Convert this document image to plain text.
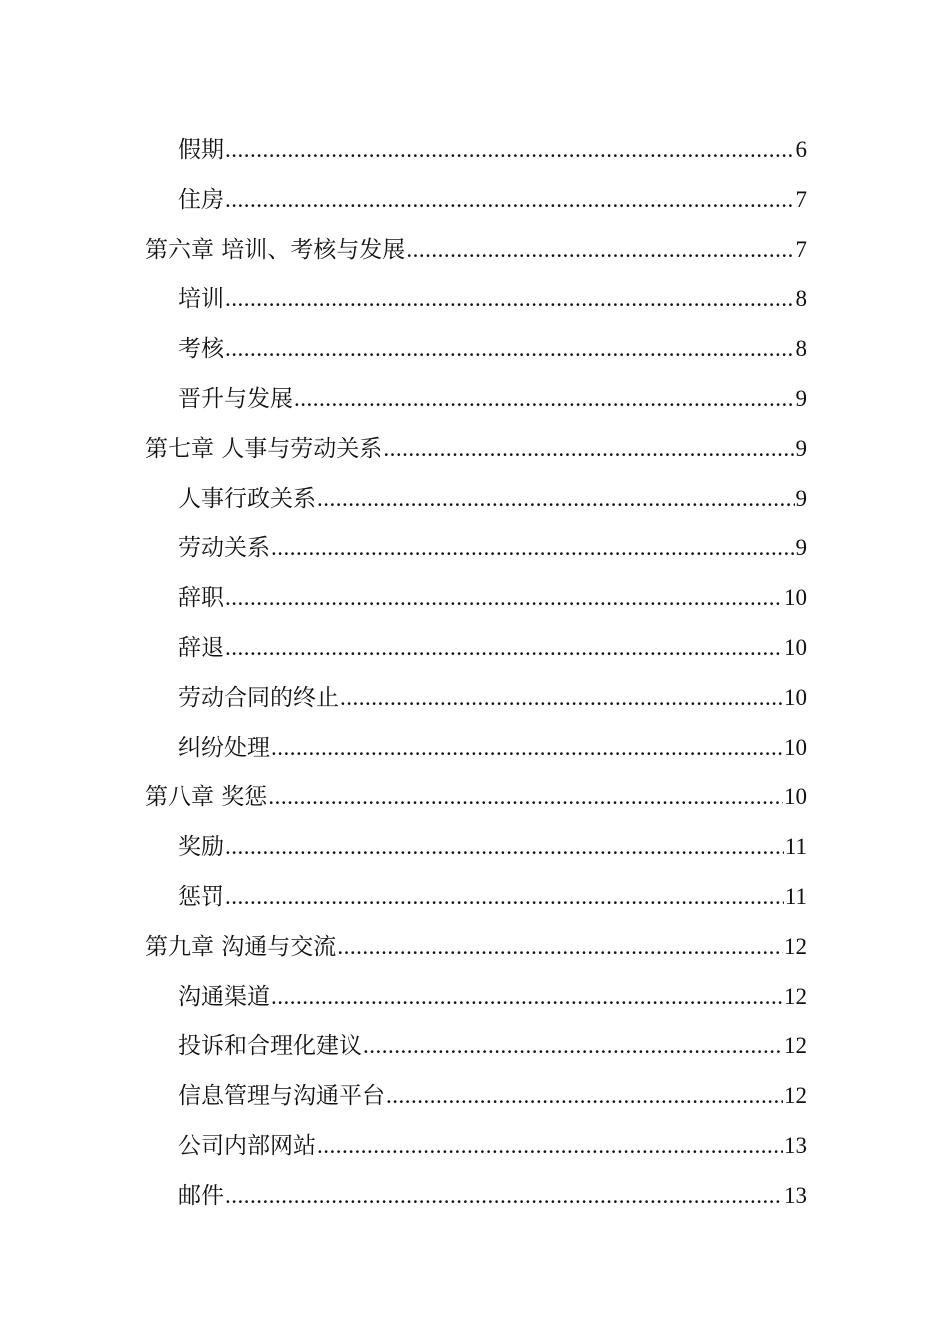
假期 .....	6
住房 .....	7
第六章 培训、考核与发展 .....	7
培训 .....	8
考核 .....	8
晋升与发展 .....	9
第七章 人事与劳动关系 .....	9
人事行政关系 .....	9
劳动关系 .....	9
辞职 .....	10
辞退 .....	10
劳动合同的终止 .....	10
纠纷处理 .....	10
第八章 奖惩 .....	10
奖励 .....	11
惩罚 .....	11
第九章 沟通与交流 .....	12
沟通渠道 .....	12
投诉和合理化建议 .....	12
信息管理与沟通平台 .....	12
公司内部网站 .....	13
邮件 .....	13
